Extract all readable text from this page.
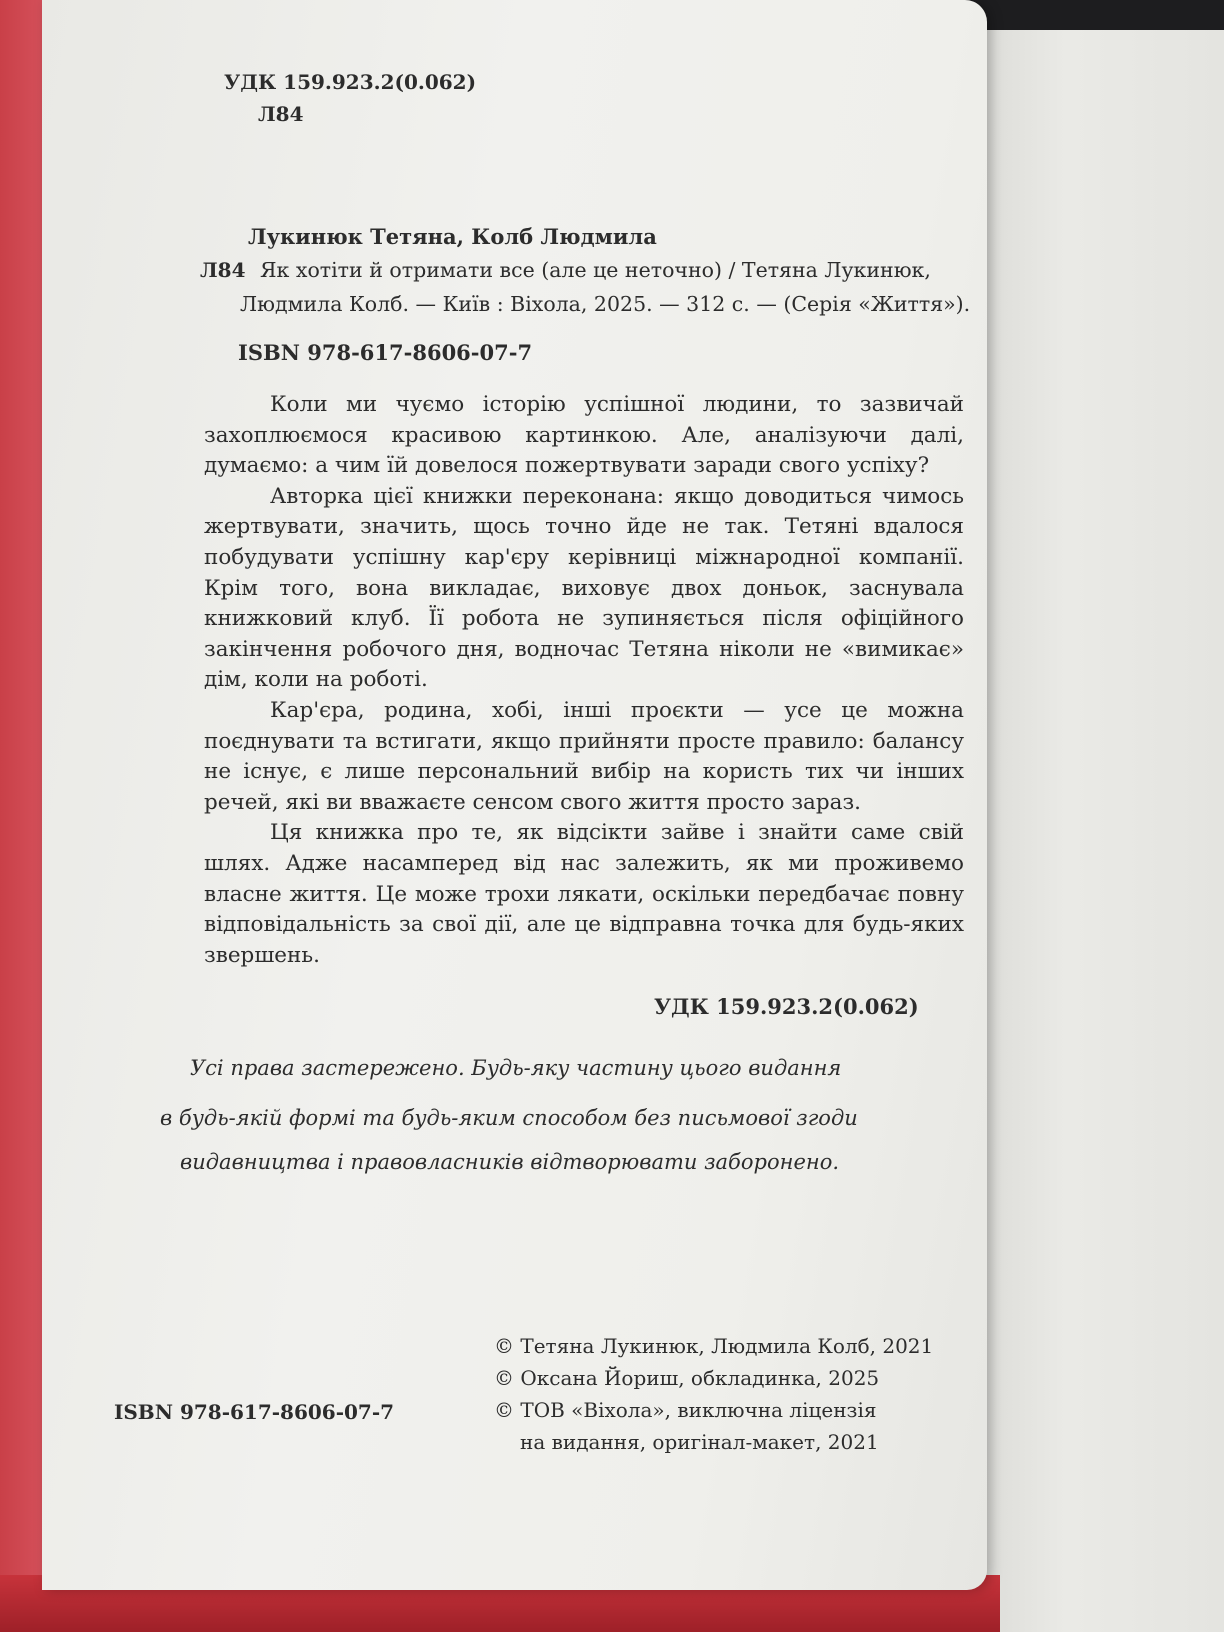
УДК 159.923.2(0.062)
Л84
Лукинюк Тетяна, Колб Людмила
Л84 Як хотіти й отримати все (але це неточно) / Тетяна Лукинюк,
Людмила Колб. — Київ : Віхола, 2025. — 312 с. — (Серія «Життя»).
ISBN 978-617-8606-07-7

Коли ми чуємо історію успішної людини, то зазвичай захоплюємося красивою картинкою. Але, аналізуючи далі, думаємо: а чим їй довелося пожертвувати заради свого успіху?

Авторка цієї книжки переконана: якщо доводиться чимось жертвувати, значить, щось точно йде не так. Тетяні вдалося побудувати успішну кар'єру керівниці міжнародної компанії. Крім того, вона викладає, виховує двох доньок, заснувала книжковий клуб. Її робота не зупиняється після офіційного закінчення робочого дня, водночас Тетяна ніколи не «вимикає» дім, коли на роботі.

Кар'єра, родина, хобі, інші проєкти — усе це можна поєднувати та встигати, якщо прийняти просте правило: балансу не існує, є лише персональний вибір на користь тих чи інших речей, які ви вважаєте сенсом свого життя просто зараз.

Ця книжка про те, як відсікти зайве і знайти саме свій шлях. Адже насамперед від нас залежить, як ми проживемо власне життя. Це може трохи лякати, оскільки передбачає повну відповідальність за свої дії, але це відправна точка для будь-яких звершень.

УДК 159.923.2(0.062)
Усі права застережено. Будь-яку частину цього видання
в будь-якій формі та будь-яким способом без письмової згоди
видавництва і правовласників відтворювати заборонено.
ISBN 978-617-8606-07-7
© Тетяна Лукинюк, Людмила Колб, 2021
© Оксана Йориш, обкладинка, 2025
© ТОВ «Віхола», виключна ліцензія
на видання, оригінал-макет, 2021
